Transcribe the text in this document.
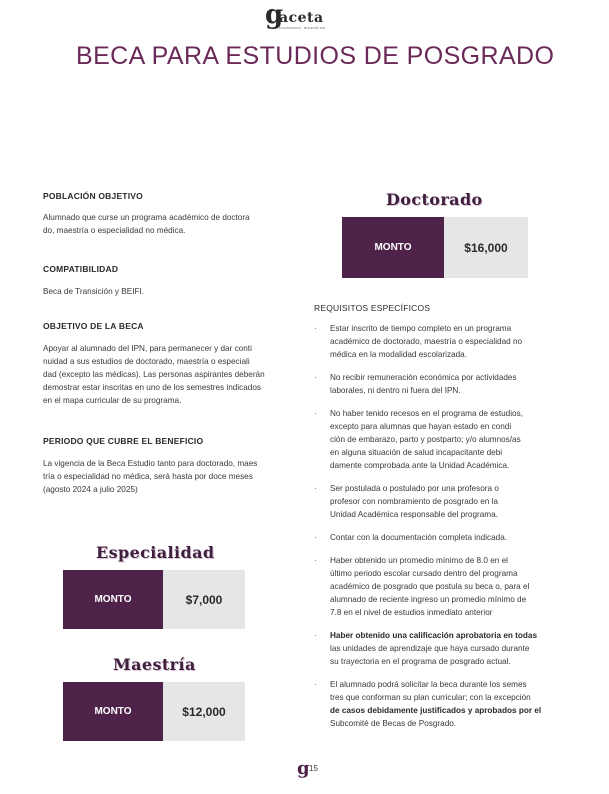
g
aceta
POLITÉCNICA · BOLETÍN IPN
BECA PARA ESTUDIOS DE POSGRADO
POBLACIÓN OBJETIVO
Alumnado que curse un programa académico de doctora
do, maestría o especialidad no médica.
COMPATIBILIDAD
Beca de Transición y BEIFI.
OBJETIVO DE LA BECA
Apoyar al alumnado del IPN, para permanecer y dar conti
nuidad a sus estudios de doctorado, maestría o especiali
dad (excepto las médicas). Las personas aspirantes deberán
demostrar estar inscritas en uno de los semestres indicados
en el mapa curricular de su programa.
PERIODO QUE CUBRE EL BENEFICIO
La vigencia de la Beca Estudio tanto para doctorado, maes
tría o especialidad no médica, será hasta por doce meses
(agosto 2024 a julio 2025)
Doctorado
MONTO	$16,000
Especialidad
MONTO	$7,000
Maestría
MONTO	$12,000
REQUISITOS ESPECÍFICOS
· Estar inscrito de tiempo completo en un programa
académico de doctorado, maestría o especialidad no
médica en la modalidad escolarizada.
· No recibir remuneración económica por actividades
laborales, ni dentro ni fuera del IPN.
· No haber tenido recesos en el programa de estudios,
excepto para alumnas que hayan estado en condi
ción de embarazo, parto y postparto; y/o alumnos/as
en alguna situación de salud incapacitante debi
damente comprobada ante la Unidad Académica.
· Ser postulada o postulado por una profesora o
profesor con nombramiento de posgrado en la
Unidad Académica responsable del programa.
· Contar con la documentación completa indicada.
· Haber obtenido un promedio mínimo de 8.0 en el
último periodo escolar cursado dentro del programa
académico de posgrado que postula su beca o, para el
alumnado de reciente ingreso un promedio mínimo de
7.8 en el nivel de estudios inmediato anterior
· Haber obtenido una calificación aprobatoria en todas
las unidades de aprendizaje que haya cursado durante
su trayectoria en el programa de posgrado actual.
· El alumnado podrá solicitar la beca durante los semes
tres que conforman su plan curricular; con la excepción
de casos debidamente justificados y aprobados por el
Subcomité de Becas de Posgrado.
g 15
